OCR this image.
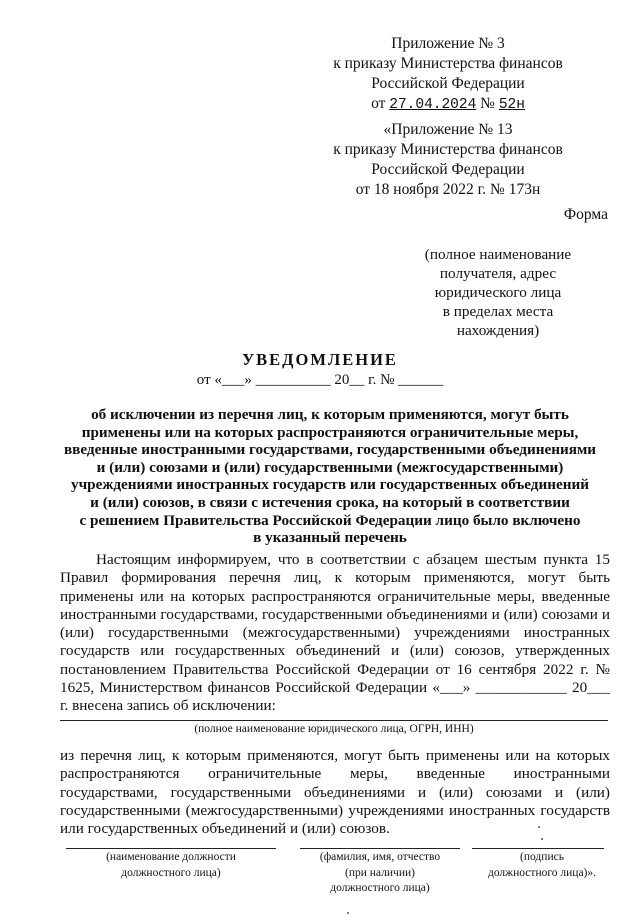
Приложение № 3
к приказу Министерства финансов
Российской Федерации
от 27.04.2024 № 52н
«Приложение № 13
к приказу Министерства финансов
Российской Федерации
от 18 ноября 2022 г. № 173н
Форма
(полное наименование
получателя, адрес
юридического лица
в пределах места
нахождения)
УВЕДОМЛЕНИЕ
от «___» __________ 20__ г. № ______
об исключении из перечня лиц, к которым применяются, могут быть
применены или на которых распространяются ограничительные меры,
введенные иностранными государствами, государственными объединениями
и (или) союзами и (или) государственными (межгосударственными)
учреждениями иностранных государств или государственных объединений
и (или) союзов, в связи с истечения срока, на который в соответствии
с решением Правительства Российской Федерации лицо было включено
в указанный перечень

Настоящим информируем, что в соответствии с абзацем шестым пункта 15 Правил формирования перечня лиц, к которым применяются, могут быть применены или на которых распространяются ограничительные меры, введенные иностранными государствами, государственными объединениями и (или) союзами и (или) государственными (межгосударственными) учреждениями иностранных государств или государственных объединений и (или) союзов, утвержденных постановлением Правительства Российской Федерации от 16 сентября 2022 г. № 1625, Министерством финансов Российской Федерации «___» ____________ 20___ г. внесена запись об исключении:

(полное наименование юридического лица, ОГРН, ИНН)

из перечня лиц, к которым применяются, могут быть применены или на которых распространяются ограничительные меры, введенные иностранными государствами, государственными объединениями и (или) союзами и (или) государственными (межгосударственными) учреждениями иностранных государств или государственных объединений и (или) союзов.

(наименование должности
должностного лица)
(фамилия, имя, отчество
(при наличии)
должностного лица)
(подпись
должностного лица)».
